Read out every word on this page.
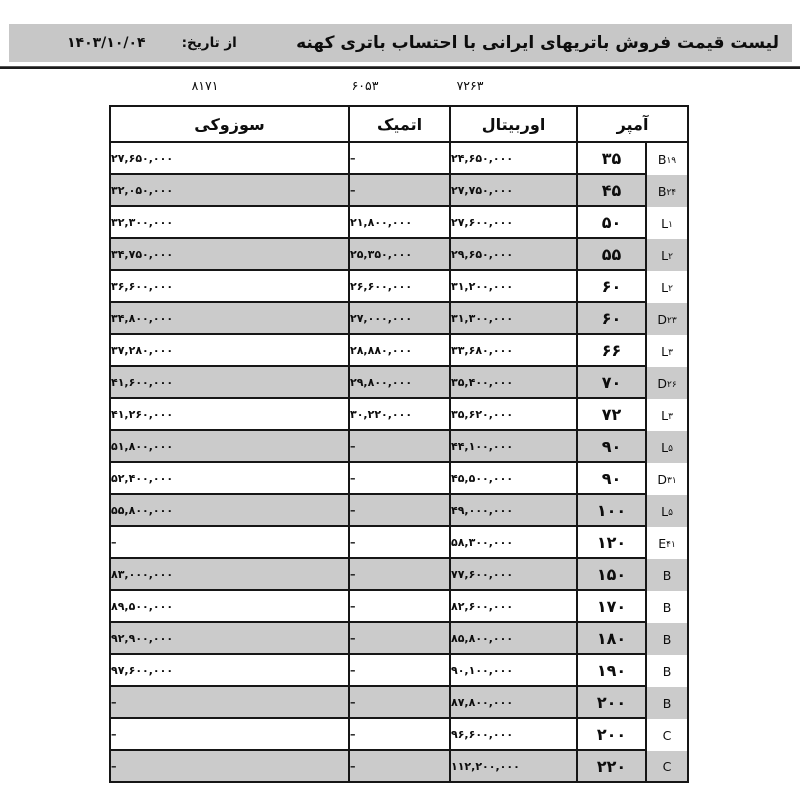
لیست قیمت فروش باتریهای ایرانی با احتساب باتری کهنه
از تاریخ:
۱۴۰۳/۱۰/۰۴
۸۱۷۱	۶۰۵۳	۷۲۶۳
سوزوکی	اتمیک	اوربیتال	آمپر
۲۷,۶۵۰,۰۰۰	–	۲۴,۶۵۰,۰۰۰	۳۵	B ۱۹
۳۲,۰۵۰,۰۰۰	–	۲۷,۷۵۰,۰۰۰	۴۵	B ۲۴
۳۲,۳۰۰,۰۰۰	۲۱,۸۰۰,۰۰۰	۲۷,۶۰۰,۰۰۰	۵۰	L ۱
۳۴,۷۵۰,۰۰۰	۲۵,۳۵۰,۰۰۰	۲۹,۶۵۰,۰۰۰	۵۵	L ۲
۳۶,۶۰۰,۰۰۰	۲۶,۶۰۰,۰۰۰	۳۱,۲۰۰,۰۰۰	۶۰	L ۲
۳۴,۸۰۰,۰۰۰	۲۷,۰۰۰,۰۰۰	۳۱,۳۰۰,۰۰۰	۶۰	D ۲۳
۳۷,۲۸۰,۰۰۰	۲۸,۸۸۰,۰۰۰	۳۳,۶۸۰,۰۰۰	۶۶	L ۳
۴۱,۶۰۰,۰۰۰	۲۹,۸۰۰,۰۰۰	۳۵,۴۰۰,۰۰۰	۷۰	D ۲۶
۴۱,۲۶۰,۰۰۰	۳۰,۲۲۰,۰۰۰	۳۵,۶۲۰,۰۰۰	۷۲	L ۳
۵۱,۸۰۰,۰۰۰	–	۴۴,۱۰۰,۰۰۰	۹۰	L ۵
۵۲,۴۰۰,۰۰۰	–	۴۵,۵۰۰,۰۰۰	۹۰	D ۳۱
۵۵,۸۰۰,۰۰۰	–	۴۹,۰۰۰,۰۰۰	۱۰۰	L ۵
–	–	۵۸,۳۰۰,۰۰۰	۱۲۰	E ۴۱
۸۳,۰۰۰,۰۰۰	–	۷۷,۶۰۰,۰۰۰	۱۵۰	B
۸۹,۵۰۰,۰۰۰	–	۸۲,۶۰۰,۰۰۰	۱۷۰	B
۹۲,۹۰۰,۰۰۰	–	۸۵,۸۰۰,۰۰۰	۱۸۰	B
۹۷,۶۰۰,۰۰۰	–	۹۰,۱۰۰,۰۰۰	۱۹۰	B
–	–	۸۷,۸۰۰,۰۰۰	۲۰۰	B
–	–	۹۶,۶۰۰,۰۰۰	۲۰۰	C
–	–	۱۱۲,۲۰۰,۰۰۰	۲۲۰	C
